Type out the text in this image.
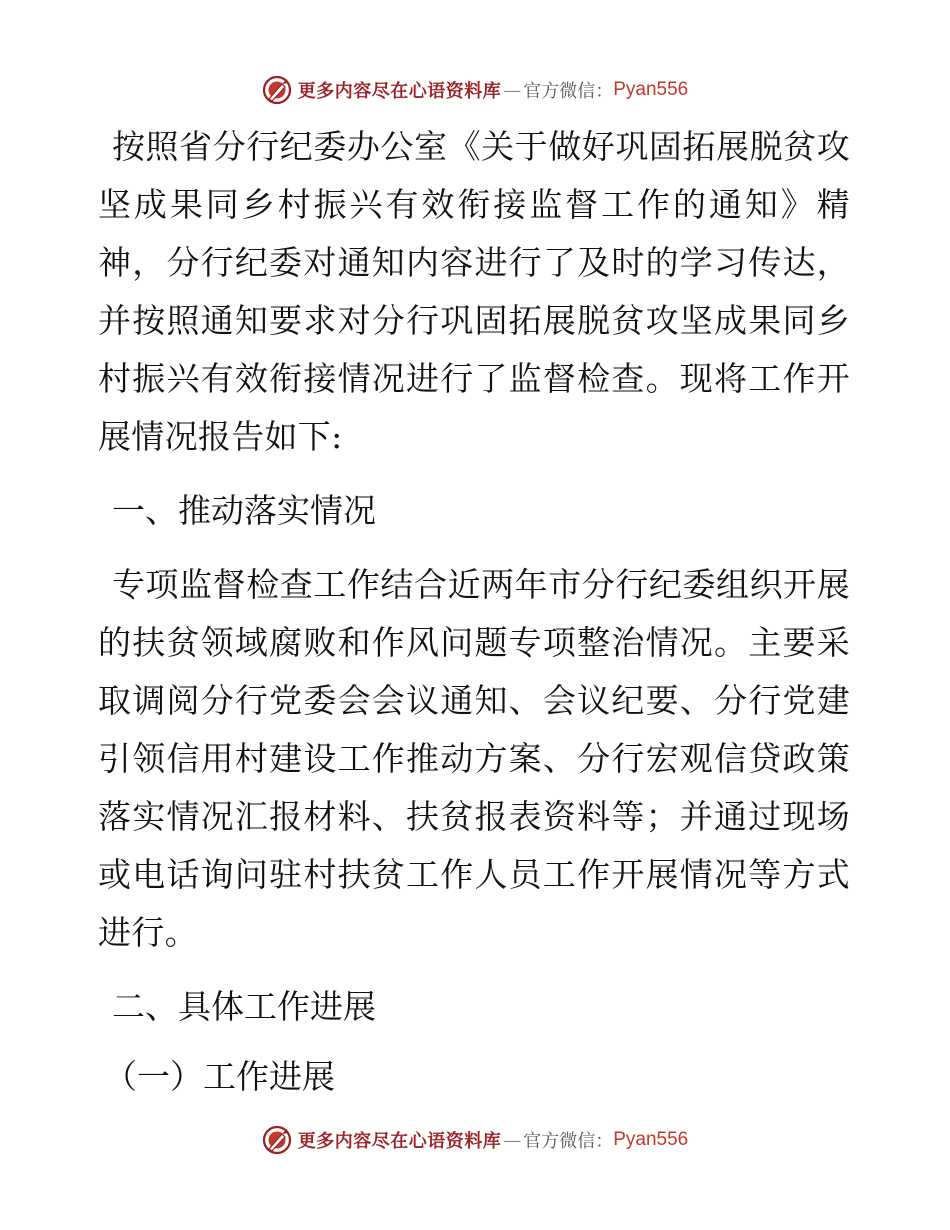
更多内容尽在心语资料库 — 官方微信： Pyan556

按照省分行纪委办公室《关于做好巩固拓展脱贫攻坚成果同乡村振兴有效衔接监督工作的通知》精神，分行纪委对通知内容进行了及时的学习传达，并按照通知要求对分行巩固拓展脱贫攻坚成果同乡村振兴有效衔接情况进行了监督检查。现将工作开展情况报告如下:

一、推动落实情况

专项监督检查工作结合近两年市分行纪委组织开展的扶贫领域腐败和作风问题专项整治情况。主要采取调阅分行党委会会议通知、会议纪要、分行党建引领信用村建设工作推动方案、分行宏观信贷政策落实情况汇报材料、扶贫报表资料等；并通过现场或电话询问驻村扶贫工作人员工作开展情况等方式进行。

二、具体工作进展

（一）工作进展

更多内容尽在心语资料库 — 官方微信： Pyan556
